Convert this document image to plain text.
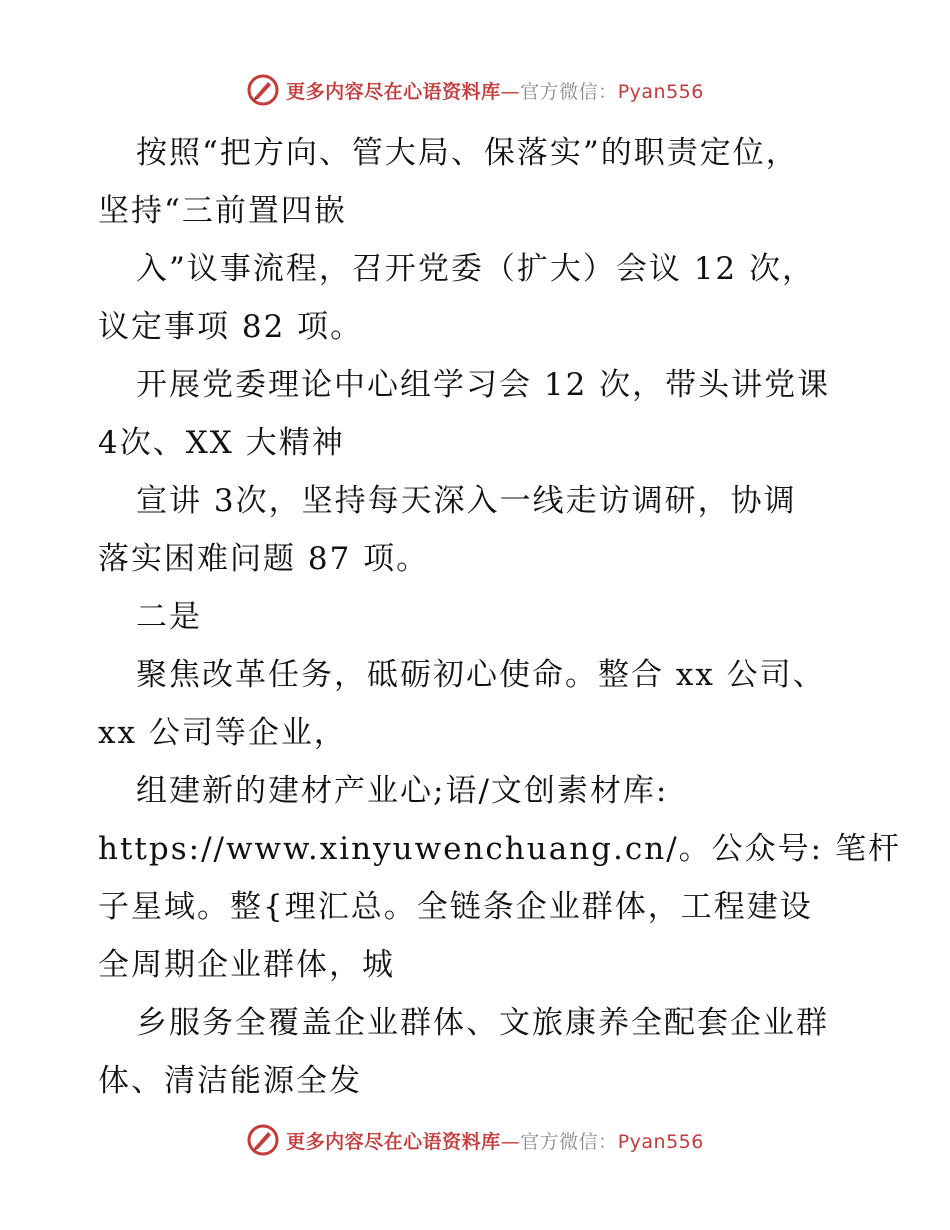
更多内容尽在心语资料库—官方微信：Pyan556
按照“把方向、管大局、保落实”的职责定位，
坚持“三前置四嵌
入”议事流程，召开党委（扩大）会议 12 次，
议定事项 82 项。
开展党委理论中心组学习会 12 次，带头讲党课
4次、XX 大精神
宣讲 3次，坚持每天深入一线走访调研，协调
落实困难问题 87 项。
二是
聚焦改革任务，砥砺初心使命。整合 xx 公司、
xx 公司等企业，
组建新的建材产业心;语/文创素材库:
https://www.xinyuwenchuang.cn/。公众号: 笔杆
子星域。整{理汇总。全链条企业群体，工程建设
全周期企业群体，城
乡服务全覆盖企业群体、文旅康养全配套企业群
体、清洁能源全发
更多内容尽在心语资料库—官方微信：Pyan556
